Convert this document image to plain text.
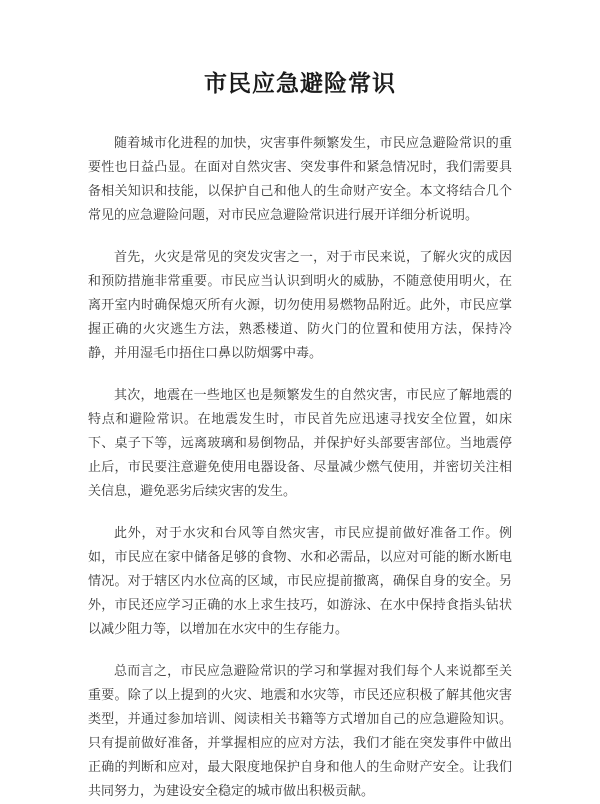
市民应急避险常识

随着城市化进程的加快，灾害事件频繁发生，市民应急避险常识的重要性也日益凸显。在面对自然灾害、突发事件和紧急情况时，我们需要具备相关知识和技能，以保护自己和他人的生命财产安全。本文将结合几个常见的应急避险问题，对市民应急避险常识进行展开详细分析说明。

首先，火灾是常见的突发灾害之一，对于市民来说，了解火灾的成因和预防措施非常重要。市民应当认识到明火的威胁，不随意使用明火，在离开室内时确保熄灭所有火源，切勿使用易燃物品附近。此外，市民应掌握正确的火灾逃生方法，熟悉楼道、防火门的位置和使用方法，保持冷静，并用湿毛巾捂住口鼻以防烟雾中毒。

其次，地震在一些地区也是频繁发生的自然灾害，市民应了解地震的特点和避险常识。在地震发生时，市民首先应迅速寻找安全位置，如床下、桌子下等，远离玻璃和易倒物品，并保护好头部要害部位。当地震停止后，市民要注意避免使用电器设备、尽量减少燃气使用，并密切关注相关信息，避免恶劣后续灾害的发生。

此外，对于水灾和台风等自然灾害，市民应提前做好准备工作。例如，市民应在家中储备足够的食物、水和必需品，以应对可能的断水断电情况。对于辖区内水位高的区域，市民应提前撤离，确保自身的安全。另外，市民还应学习正确的水上求生技巧，如游泳、在水中保持食指头钻状以减少阻力等，以增加在水灾中的生存能力。

总而言之，市民应急避险常识的学习和掌握对我们每个人来说都至关重要。除了以上提到的火灾、地震和水灾等，市民还应积极了解其他灾害类型，并通过参加培训、阅读相关书籍等方式增加自己的应急避险知识。只有提前做好准备，并掌握相应的应对方法，我们才能在突发事件中做出正确的判断和应对，最大限度地保护自身和他人的生命财产安全。让我们共同努力，为建设安全稳定的城市做出积极贡献。
